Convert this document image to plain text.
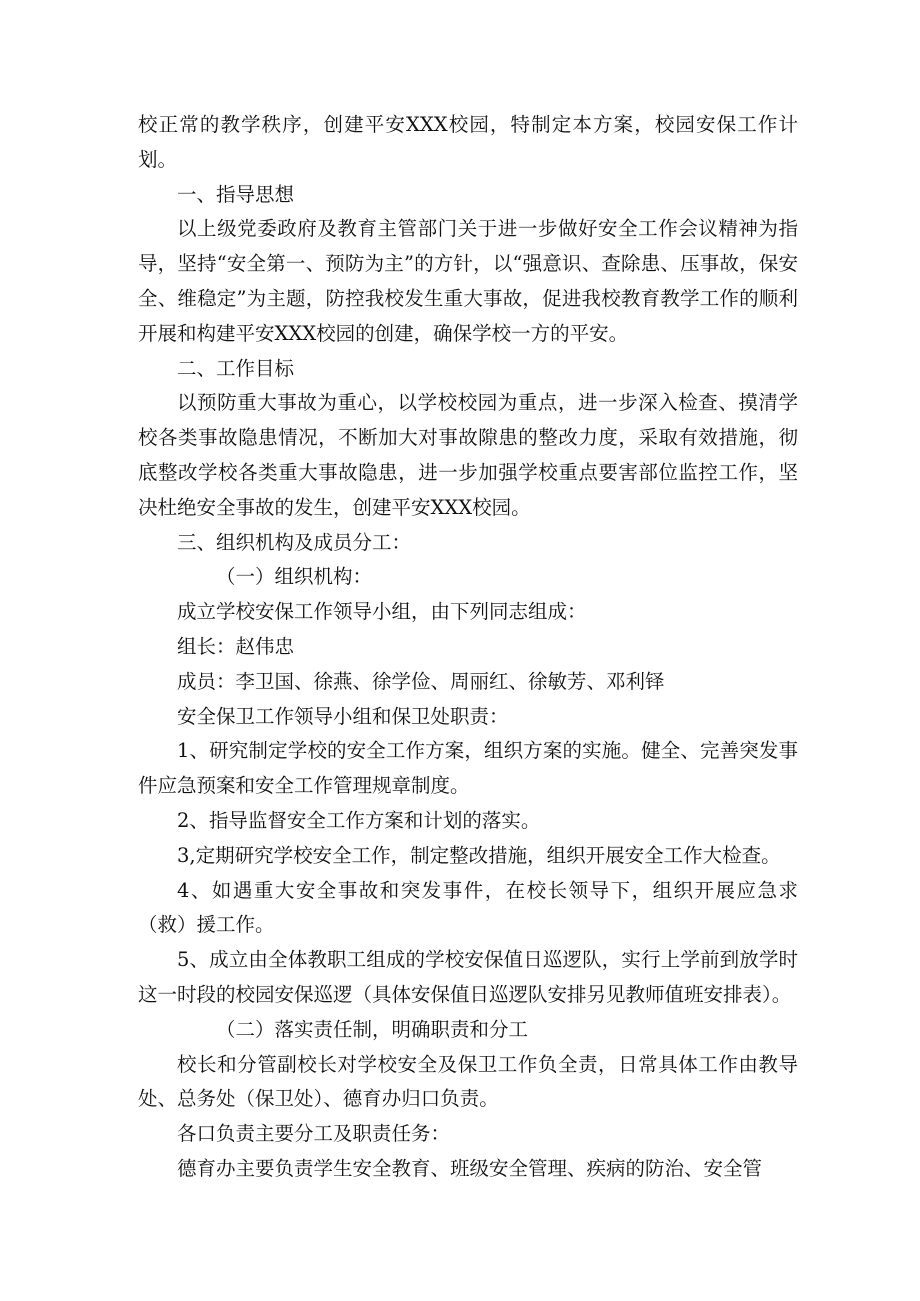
校正常的教学秩序，创建平安XXX校园，特制定本方案，校园安保工作计划。

一、指导思想

以上级党委政府及教育主管部门关于进一步做好安全工作会议精神为指导，坚持“安全第一、预防为主”的方针，以“强意识、查除患、压事故，保安全、维稳定”为主题，防控我校发生重大事故，促进我校教育教学工作的顺利开展和构建平安XXX校园的创建，确保学校一方的平安。

二、工作目标

以预防重大事故为重心，以学校校园为重点，进一步深入检查、摸清学校各类事故隐患情况，不断加大对事故隙患的整改力度，采取有效措施，彻底整改学校各类重大事故隐患，进一步加强学校重点要害部位监控工作，坚决杜绝安全事故的发生，创建平安XXX校园。

三、组织机构及成员分工：

（一）组织机构：

成立学校安保工作领导小组，由下列同志组成：

组长：赵伟忠

成员：李卫国、徐燕、徐学俭、周丽红、徐敏芳、邓利铎

安全保卫工作领导小组和保卫处职责：

1、研究制定学校的安全工作方案，组织方案的实施。健全、完善突发事件应急预案和安全工作管理规章制度。

2、指导监督安全工作方案和计划的落实。

3,定期研究学校安全工作，制定整改措施，组织开展安全工作大检查。

4、如遇重大安全事故和突发事件，在校长领导下，组织开展应急求（救）援工作。

5、成立由全体教职工组成的学校安保值日巡逻队，实行上学前到放学时这一时段的校园安保巡逻（具体安保值日巡逻队安排另见教师值班安排表）。

（二）落实责任制，明确职责和分工

校长和分管副校长对学校安全及保卫工作负全责，日常具体工作由教导处、总务处（保卫处）、德育办归口负责。

各口负责主要分工及职责任务：

德育办主要负责学生安全教育、班级安全管理、疾病的防治、安全管
